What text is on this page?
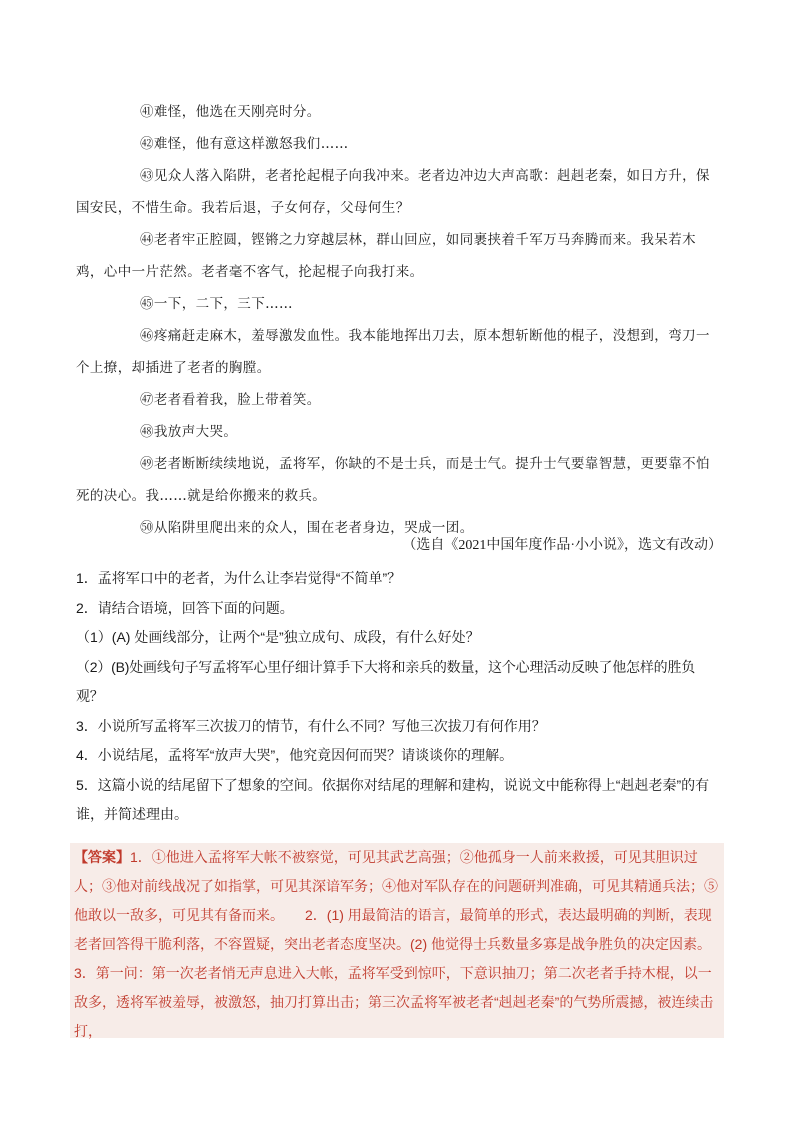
㊶难怪，他选在天刚亮时分。

㊷难怪，他有意这样激怒我们……

㊸见众人落入陷阱，老者抡起棍子向我冲来。老者边冲边大声高歌：赳赳老秦，如日方升，保国安民，不惜生命。我若后退，子女何存，父母何生？

㊹老者牢正腔圆，铿锵之力穿越层林，群山回应，如同裹挟着千军万马奔腾而来。我呆若木鸡，心中一片茫然。老者毫不客气，抡起棍子向我打来。

㊺一下，二下，三下……

㊻疼痛赶走麻木，羞辱激发血性。我本能地挥出刀去，原本想斩断他的棍子，没想到，弯刀一个上撩，却插进了老者的胸膛。

㊼老者看着我，脸上带着笑。

㊽我放声大哭。

㊾老者断断续续地说，孟将军，你缺的不是士兵，而是士气。提升士气要靠智慧，更要靠不怕死的决心。我……就是给你搬来的救兵。

㊿从陷阱里爬出来的众人，围在老者身边，哭成一团。

（选自《2021中国年度作品·小小说》，选文有改动）

1．孟将军口中的老者，为什么让李岩觉得“不简单”？

2．请结合语境，回答下面的问题。

（1）(A) 处画线部分，让两个“是”独立成句、成段，有什么好处？

（2）(B)处画线句子写孟将军心里仔细计算手下大将和亲兵的数量，这个心理活动反映了他怎样的胜负观？

3．小说所写孟将军三次拔刀的情节，有什么不同？写他三次拔刀有何作用？

4．小说结尾，孟将军“放声大哭”，他究竟因何而哭？请谈谈你的理解。

5．这篇小说的结尾留下了想象的空间。依据你对结尾的理解和建构，说说文中能称得上“赳赳老秦”的有谁，并简述理由。

【答案】1．①他进入孟将军大帐不被察觉，可见其武艺高强；②他孤身一人前来救援，可见其胆识过人；③他对前线战况了如指掌，可见其深谙军务；④他对军队存在的问题研判准确，可见其精通兵法；⑤他敢以一敌多，可见其有备而来。　　2．(1) 用最简洁的语言，最简单的形式，表达最明确的判断，表现老者回答得干脆利落，不容置疑，突出老者态度坚决。(2) 他觉得士兵数量多寡是战争胜负的决定因素。

3．第一问：第一次老者悄无声息进入大帐，孟将军受到惊吓，下意识抽刀；第二次老者手持木棍，以一敌多，透将军被羞辱，被激怒，抽刀打算出击；第三次孟将军被老者“赳赳老秦”的气势所震撼，被连续击打，
